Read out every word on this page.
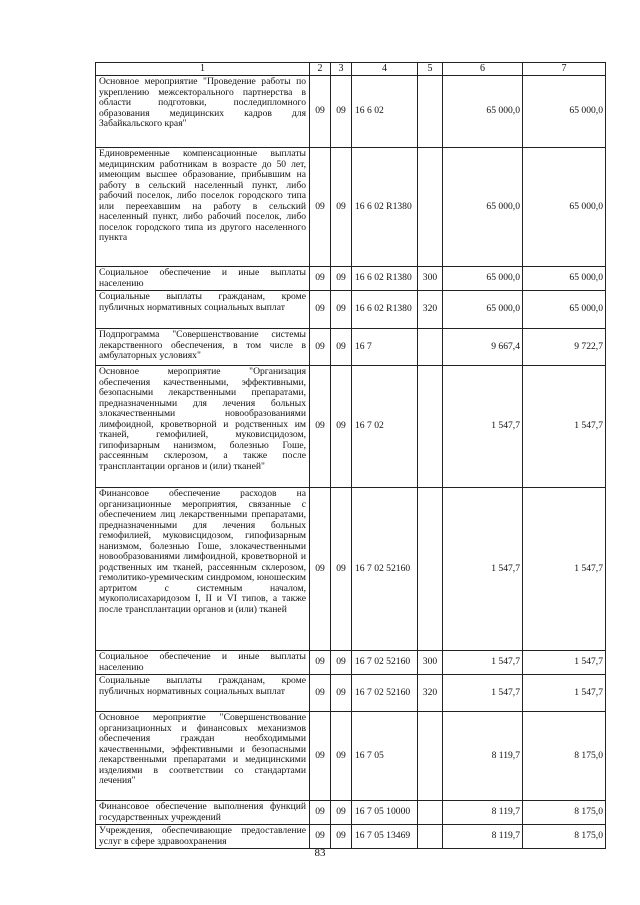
1	2	3	4	5	6	7
Основное мероприятие "Проведение работы по укреплению межсекторального партнерства в области подготовки, последипломного образования медицинских кадров для Забайкальского края"	09	09	16 6 02		65 000,0	65 000,0
Единовременные компенсационные выплаты медицинским работникам в возрасте до 50 лет, имеющим высшее образование, прибывшим на работу в сельский населенный пункт, либо рабочий поселок, либо поселок городского типа или переехавшим на работу в сельский населенный пункт, либо рабочий поселок, либо поселок городского типа из другого населенного пункта	09	09	16 6 02 R1380		65 000,0	65 000,0
Социальное обеспечение и иные выплаты населению	09	09	16 6 02 R1380	300	65 000,0	65 000,0
Социальные выплаты гражданам, кроме публичных нормативных социальных выплат	09	09	16 6 02 R1380	320	65 000,0	65 000,0
Подпрограмма "Совершенствование системы лекарственного обеспечения, в том числе в амбулаторных условиях"	09	09	16 7		9 667,4	9 722,7
Основное мероприятие "Организация обеспечения качественными, эффективными, безопасными лекарственными препаратами, предназначенными для лечения больных злокачественными новообразованиями лимфоидной, кроветворной и родственных им тканей, гемофилией, муковисцидозом, гипофизарным нанизмом, болезнью Гоше, рассеянным склерозом, а также после трансплантации органов и (или) тканей"	09	09	16 7 02		1 547,7	1 547,7
Финансовое обеспечение расходов на организационные мероприятия, связанные с обеспечением лиц лекарственными препаратами, предназначенными для лечения больных гемофилией, муковисцидозом, гипофизарным нанизмом, болезнью Гоше, злокачественными новообразованиями лимфоидной, кроветворной и родственных им тканей, рассеянным склерозом, гемолитико-уремическим синдромом, юношеским артритом с системным началом, мукополисахаридозом I, II и VI типов, а также после трансплантации органов и (или) тканей	09	09	16 7 02 52160		1 547,7	1 547,7
Социальное обеспечение и иные выплаты населению	09	09	16 7 02 52160	300	1 547,7	1 547,7
Социальные выплаты гражданам, кроме публичных нормативных социальных выплат	09	09	16 7 02 52160	320	1 547,7	1 547,7
Основное мероприятие "Совершенствование организационных и финансовых механизмов обеспечения граждан необходимыми качественными, эффективными и безопасными лекарственными препаратами и медицинскими изделиями в соответствии со стандартами лечения"	09	09	16 7 05		8 119,7	8 175,0
Финансовое обеспечение выполнения функций государственных учреждений	09	09	16 7 05 10000		8 119,7	8 175,0
Учреждения, обеспечивающие предоставление услуг в сфере здравоохранения	09	09	16 7 05 13469		8 119,7	8 175,0
83
